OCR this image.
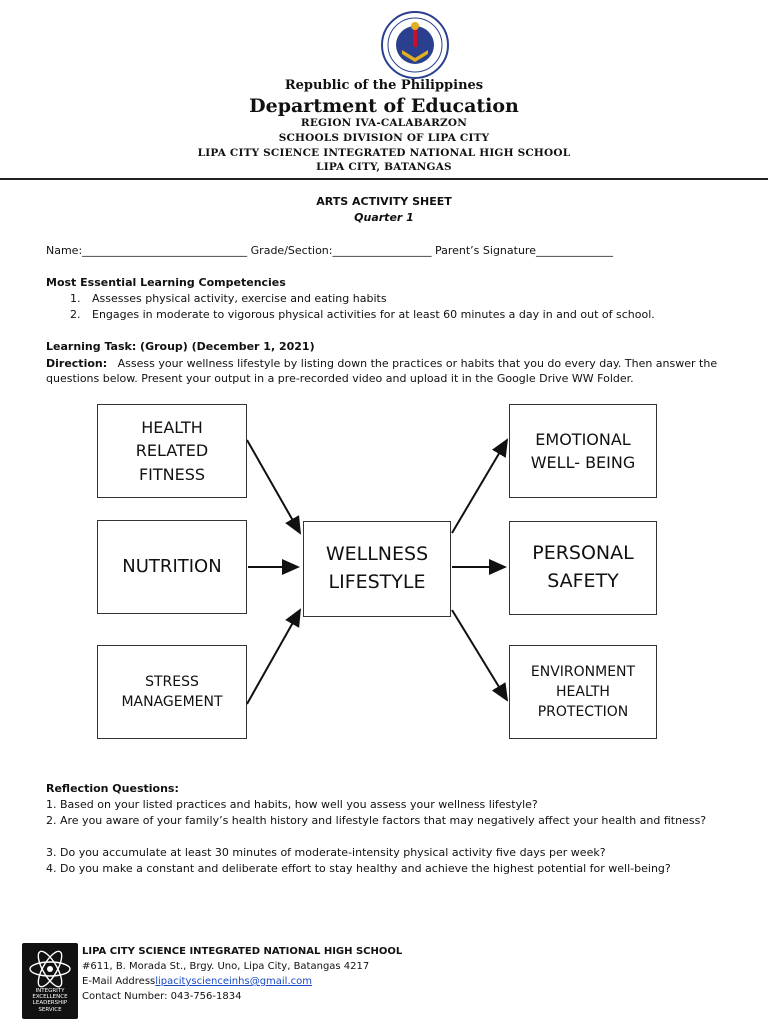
Republic of the Philippines
Department of Education
REGION IVA-CALABARZON
SCHOOLS DIVISION OF LIPA CITY
LIPA CITY SCIENCE INTEGRATED NATIONAL HIGH SCHOOL
LIPA CITY, BATANGAS
ARTS ACTIVITY SHEET
Quarter 1
Name:______________________________ Grade/Section:__________________ Parent’s Signature______________
Most Essential Learning Competencies
1. Assesses physical activity, exercise and eating habits
2. Engages in moderate to vigorous physical activities for at least 60 minutes a day in and out of school.
Learning Task: (Group) (December 1, 2021)
Direction: Assess your wellness lifestyle by listing down the practices or habits that you do every day. Then answer the questions below. Present your output in a pre-recorded video and upload it in the Google Drive WW Folder.
HEALTH
RELATED
FITNESS
NUTRITION
STRESS
MANAGEMENT
WELLNESS
LIFESTYLE
EMOTIONAL
WELL- BEING
PERSONAL
SAFETY
ENVIRONMENT
HEALTH
PROTECTION
Reflection Questions:
1. Based on your listed practices and habits, how well you assess your wellness lifestyle?
2. Are you aware of your family’s health history and lifestyle factors that may negatively affect your health and fitness?
3. Do you accumulate at least 30 minutes of moderate-intensity physical activity five days per week?
4. Do you make a constant and deliberate effort to stay healthy and achieve the highest potential for well-being?
INTEGRITY EXCELLENCE LEADERSHIP SERVICE
LIPA CITY SCIENCE INTEGRATED NATIONAL HIGH SCHOOL
#611, B. Morada St., Brgy. Uno, Lipa City, Batangas 4217
E-Mail Addresslipacityscienceinhs@gmail.com
Contact Number: 043-756-1834
